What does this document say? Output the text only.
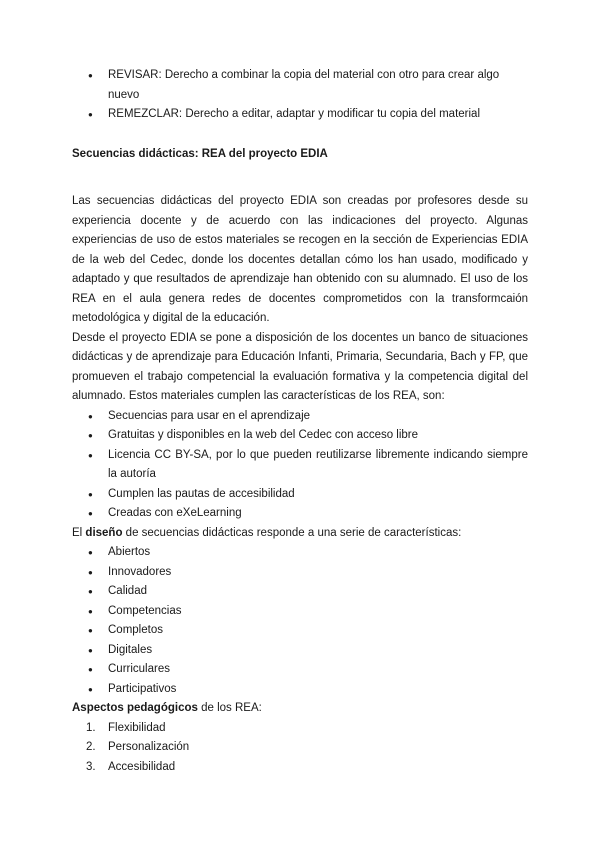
● REVISAR: Derecho a combinar la copia del material con otro para crear algo nuevo
● REMEZCLAR: Derecho a editar, adaptar y modificar tu copia del material

Secuencias didácticas: REA del proyecto EDIA

Las secuencias didácticas del proyecto EDIA son creadas por profesores desde su experiencia docente y de acuerdo con las indicaciones del proyecto. Algunas experiencias de uso de estos materiales se recogen en la sección de Experiencias EDIA de la web del Cedec, donde los docentes detallan cómo los han usado, modificado y adaptado y que resultados de aprendizaje han obtenido con su alumnado. El uso de los REA en el aula genera redes de docentes comprometidos con la transformcaión metodológica y digital de la educación.

Desde el proyecto EDIA se pone a disposición de los docentes un banco de situaciones didácticas y de aprendizaje para Educación Infanti, Primaria, Secundaria, Bach y FP, que promueven el trabajo competencial la evaluación formativa y la competencia digital del alumnado. Estos materiales cumplen las características de los REA, son:

● Secuencias para usar en el aprendizaje
● Gratuitas y disponibles en la web del Cedec con acceso libre
● Licencia CC BY-SA, por lo que pueden reutilizarse libremente indicando siempre la autoría
● Cumplen las pautas de accesibilidad
● Creadas con eXeLearning

El diseño de secuencias didácticas responde a una serie de características:

● Abiertos
● Innovadores
● Calidad
● Competencias
● Completos
● Digitales
● Curriculares
● Participativos

Aspectos pedagógicos de los REA:

1. Flexibilidad
2. Personalización
3. Accesibilidad
